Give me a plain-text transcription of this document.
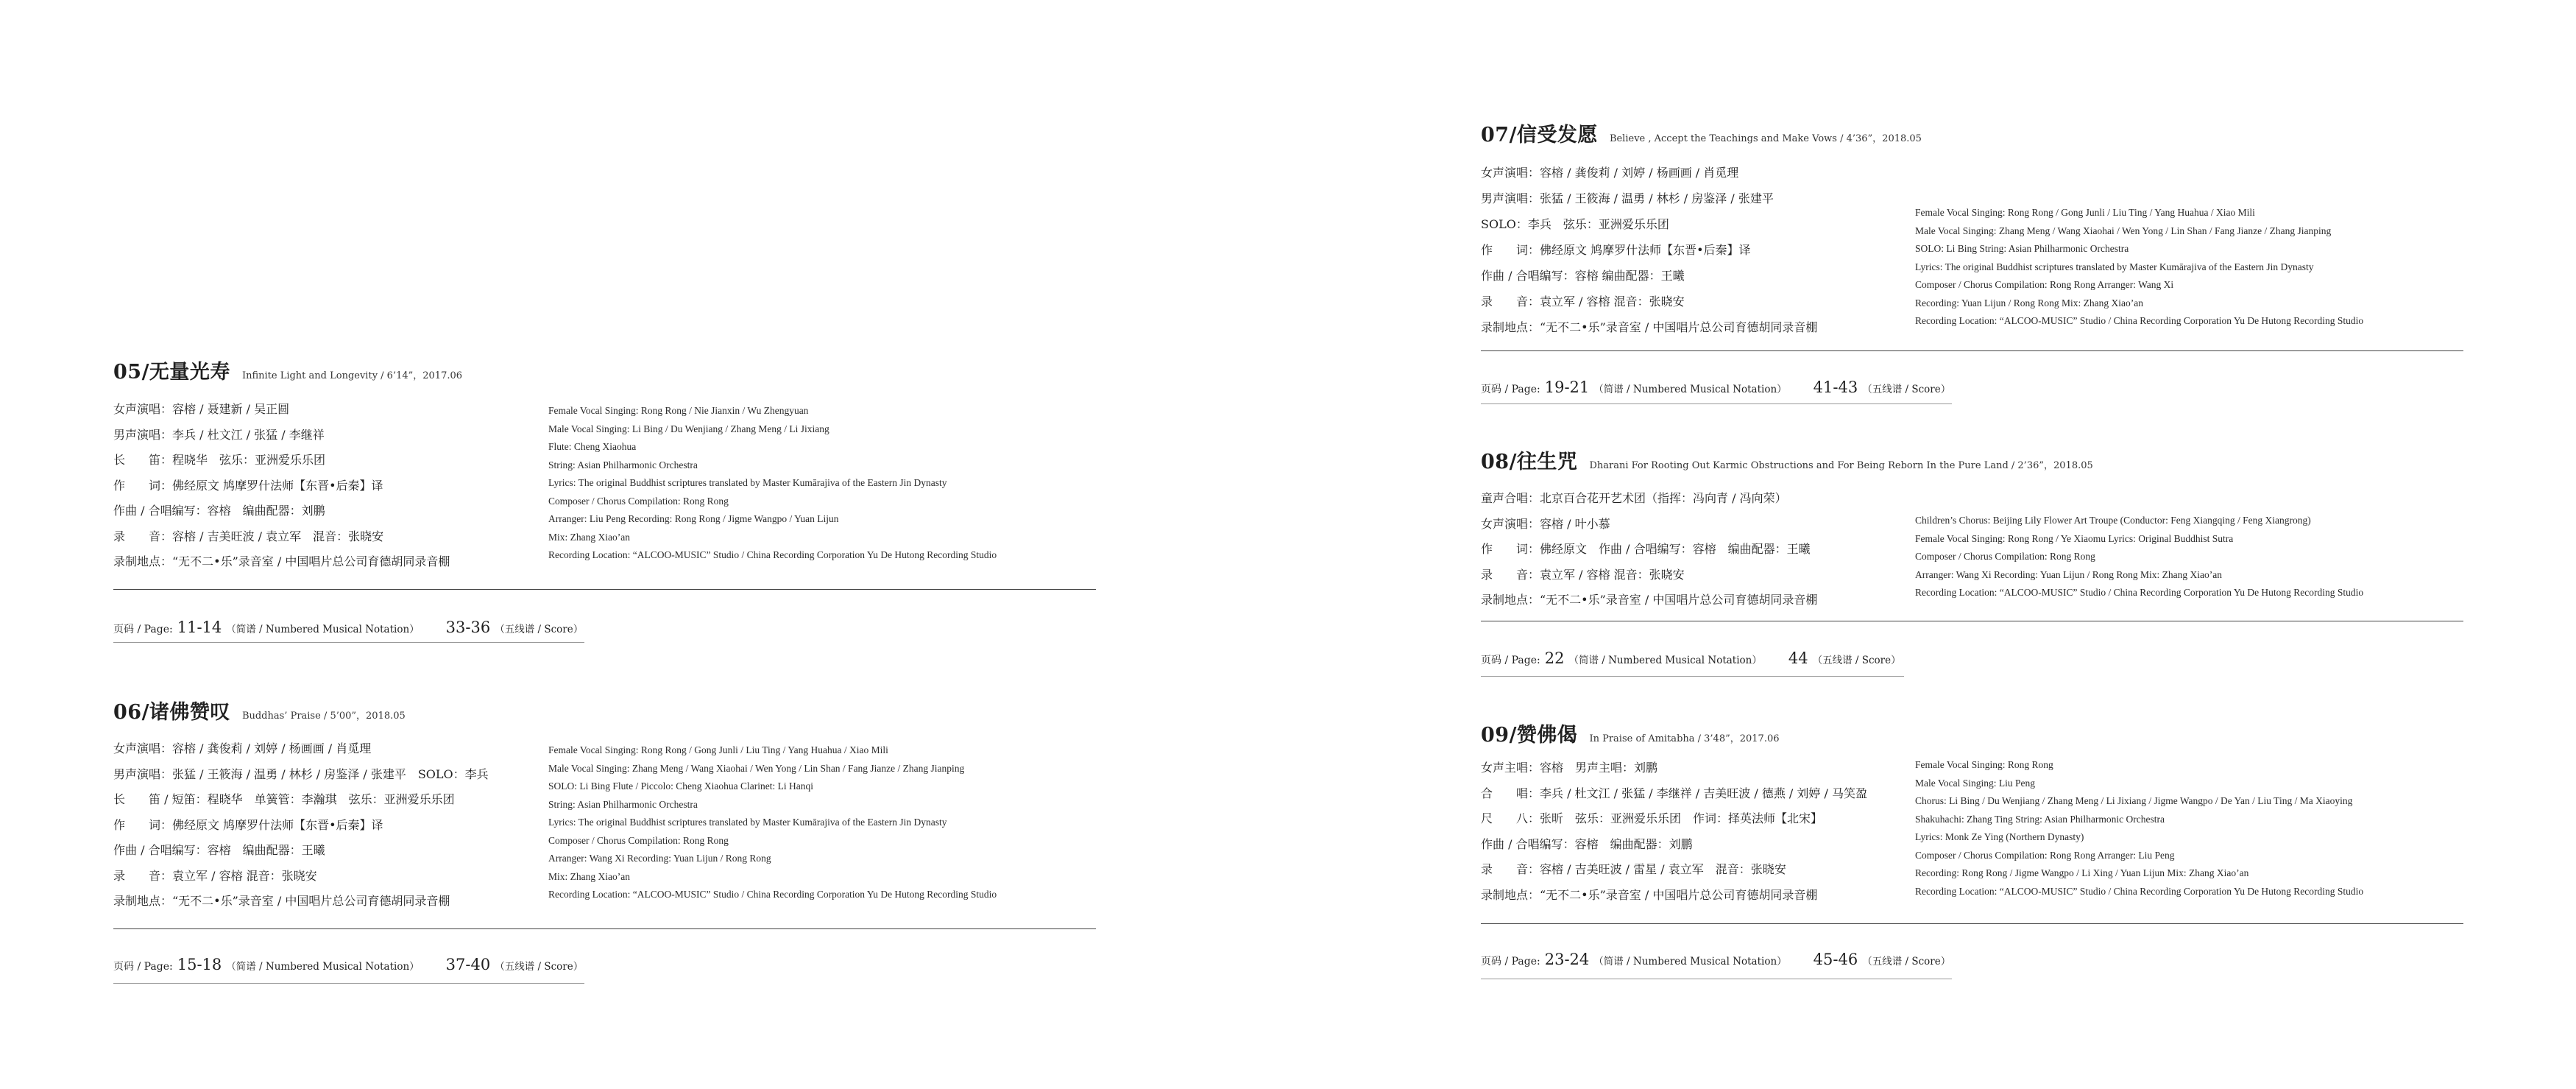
05/无量光寿 Infinite Light and Longevity / 6’14”，2017.06
女声演唱：容榕 / 聂建新 / 吴正圆
男声演唱：李兵 / 杜文江 / 张猛 / 李继祥
长　　笛：程晓华　弦乐：亚洲爱乐乐团
作　　词：佛经原文 鸠摩罗什法师【东晋•后秦】译
作曲 / 合唱编写：容榕　编曲配器：刘鹏
录　　音：容榕 / 吉美旺波 / 袁立军　混音：张晓安
录制地点：“无不二•乐”录音室 / 中国唱片总公司育德胡同录音棚
Female Vocal Singing: Rong Rong / Nie Jianxin / Wu Zhengyuan
Male Vocal Singing: Li Bing / Du Wenjiang / Zhang Meng / Li Jixiang
Flute: Cheng Xiaohua
String: Asian Philharmonic Orchestra
Lyrics: The original Buddhist scriptures translated by Master Kumārajiva of the Eastern Jin Dynasty
Composer / Chorus Compilation: Rong Rong
Arranger: Liu Peng Recording: Rong Rong / Jigme Wangpo / Yuan Lijun
Mix: Zhang Xiao’an
Recording Location: “ALCOO-MUSIC” Studio / China Recording Corporation Yu De Hutong Recording Studio
页码 / Page: 11-14 （简谱 / Numbered Musical Notation） 33-36 （五线谱 / Score）
06/诸佛赞叹 Buddhas’ Praise / 5’00”，2018.05
女声演唱：容榕 / 龚俊莉 / 刘婷 / 杨画画 / 肖觅理
男声演唱：张猛 / 王筱海 / 温勇 / 林杉 / 房鉴泽 / 张建平　SOLO：李兵
长　　笛 / 短笛：程晓华　单簧管：李瀚琪　弦乐：亚洲爱乐乐团
作　　词：佛经原文 鸠摩罗什法师【东晋•后秦】译
作曲 / 合唱编写：容榕　编曲配器：王曦
录　　音：袁立军 / 容榕 混音：张晓安
录制地点：“无不二•乐”录音室 / 中国唱片总公司育德胡同录音棚
Female Vocal Singing: Rong Rong / Gong Junli / Liu Ting / Yang Huahua / Xiao Mili
Male Vocal Singing: Zhang Meng / Wang Xiaohai / Wen Yong / Lin Shan / Fang Jianze / Zhang Jianping
SOLO: Li Bing Flute / Piccolo: Cheng Xiaohua Clarinet: Li Hanqi
String: Asian Philharmonic Orchestra
Lyrics: The original Buddhist scriptures translated by Master Kumārajiva of the Eastern Jin Dynasty
Composer / Chorus Compilation: Rong Rong
Arranger: Wang Xi Recording: Yuan Lijun / Rong Rong
Mix: Zhang Xiao’an
Recording Location: “ALCOO-MUSIC” Studio / China Recording Corporation Yu De Hutong Recording Studio
页码 / Page: 15-18 （简谱 / Numbered Musical Notation） 37-40 （五线谱 / Score）
07/信受发愿 Believe , Accept the Teachings and Make Vows / 4’36”，2018.05
女声演唱：容榕 / 龚俊莉 / 刘婷 / 杨画画 / 肖觅理
男声演唱：张猛 / 王筱海 / 温勇 / 林杉 / 房鉴泽 / 张建平
SOLO：李兵　弦乐：亚洲爱乐乐团
作　　词：佛经原文 鸠摩罗什法师【东晋•后秦】译
作曲 / 合唱编写：容榕 编曲配器：王曦
录　　音：袁立军 / 容榕 混音：张晓安
录制地点：“无不二•乐”录音室 / 中国唱片总公司育德胡同录音棚
Female Vocal Singing: Rong Rong / Gong Junli / Liu Ting / Yang Huahua / Xiao Mili
Male Vocal Singing: Zhang Meng / Wang Xiaohai / Wen Yong / Lin Shan / Fang Jianze / Zhang Jianping
SOLO: Li Bing String: Asian Philharmonic Orchestra
Lyrics: The original Buddhist scriptures translated by Master Kumārajiva of the Eastern Jin Dynasty
Composer / Chorus Compilation: Rong Rong Arranger: Wang Xi
Recording: Yuan Lijun / Rong Rong Mix: Zhang Xiao’an
Recording Location: “ALCOO-MUSIC” Studio / China Recording Corporation Yu De Hutong Recording Studio
页码 / Page: 19-21 （简谱 / Numbered Musical Notation） 41-43 （五线谱 / Score）
08/往生咒 Dharani For Rooting Out Karmic Obstructions and For Being Reborn In the Pure Land / 2’36”，2018.05
童声合唱：北京百合花开艺术团（指挥：冯向青 / 冯向荣）
女声演唱：容榕 / 叶小慕
作　　词：佛经原文　作曲 / 合唱编写：容榕　编曲配器：王曦
录　　音：袁立军 / 容榕 混音：张晓安
录制地点：“无不二•乐”录音室 / 中国唱片总公司育德胡同录音棚
Children’s Chorus: Beijing Lily Flower Art Troupe (Conductor: Feng Xiangqing / Feng Xiangrong)
Female Vocal Singing: Rong Rong / Ye Xiaomu Lyrics: Original Buddhist Sutra
Composer / Chorus Compilation: Rong Rong
Arranger: Wang Xi Recording: Yuan Lijun / Rong Rong Mix: Zhang Xiao’an
Recording Location: “ALCOO-MUSIC” Studio / China Recording Corporation Yu De Hutong Recording Studio
页码 / Page: 22 （简谱 / Numbered Musical Notation） 44 （五线谱 / Score）
09/赞佛偈 In Praise of Amitabha / 3’48”，2017.06
女声主唱：容榕　男声主唱：刘鹏
合　　唱：李兵 / 杜文江 / 张猛 / 李继祥 / 吉美旺波 / 德燕 / 刘婷 / 马笑盈
尺　　八：张昕　弦乐：亚洲爱乐乐团　作词：择英法师【北宋】
作曲 / 合唱编写：容榕　编曲配器：刘鹏
录　　音：容榕 / 吉美旺波 / 雷星 / 袁立军　混音：张晓安
录制地点：“无不二•乐”录音室 / 中国唱片总公司育德胡同录音棚
Female Vocal Singing: Rong Rong
Male Vocal Singing: Liu Peng
Chorus: Li Bing / Du Wenjiang / Zhang Meng / Li Jixiang / Jigme Wangpo / De Yan / Liu Ting / Ma Xiaoying
Shakuhachi: Zhang Ting String: Asian Philharmonic Orchestra
Lyrics: Monk Ze Ying (Northern Dynasty)
Composer / Chorus Compilation: Rong Rong Arranger: Liu Peng
Recording: Rong Rong / Jigme Wangpo / Li Xing / Yuan Lijun Mix: Zhang Xiao’an
Recording Location: “ALCOO-MUSIC” Studio / China Recording Corporation Yu De Hutong Recording Studio
页码 / Page: 23-24 （简谱 / Numbered Musical Notation） 45-46 （五线谱 / Score）
